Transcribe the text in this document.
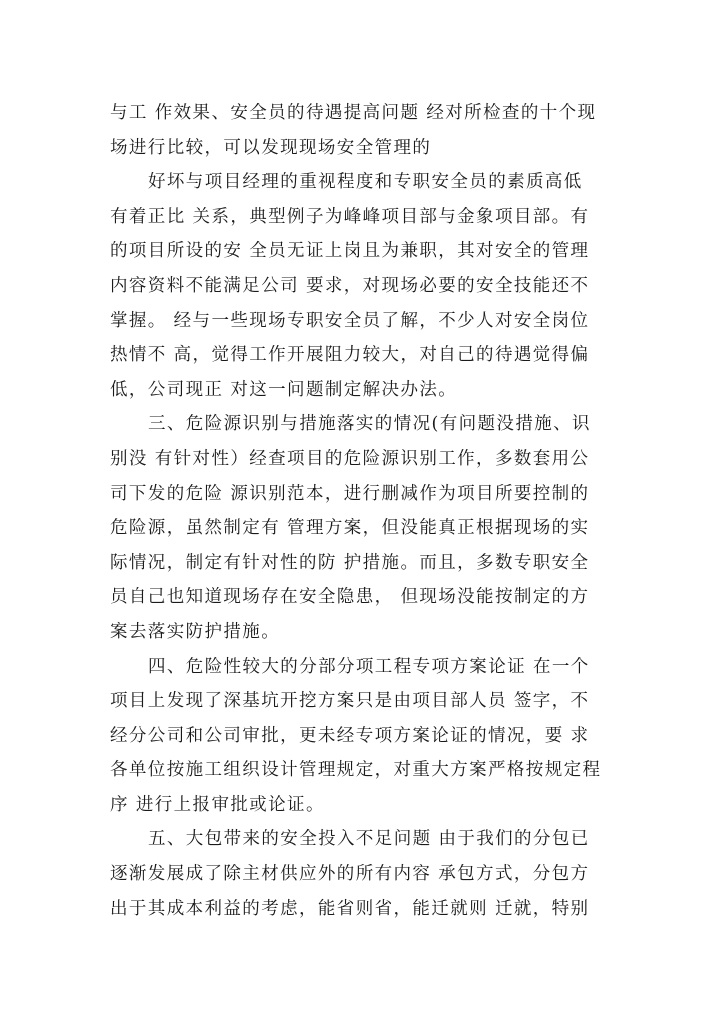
与工 作效果、安全员的待遇提高问题 经对所检查的十个现
场进行比较，可以发现现场安全管理的
好坏与项目经理的重视程度和专职安全员的素质高低
有着正比 关系，典型例子为峰峰项目部与金象项目部。有
的项目所设的安 全员无证上岗且为兼职，其对安全的管理
内容资料不能满足公司 要求，对现场必要的安全技能还不
掌握。 经与一些现场专职安全员了解，不少人对安全岗位
热情不 高，觉得工作开展阻力较大，对自己的待遇觉得偏
低，公司现正 对这一问题制定解决办法。
三、危险源识别与措施落实的情况(有问题没措施、识
别没 有针对性）经查项目的危险源识别工作，多数套用公
司下发的危险 源识别范本，进行删减作为项目所要控制的
危险源，虽然制定有 管理方案，但没能真正根据现场的实
际情况，制定有针对性的防 护措施。而且，多数专职安全
员自己也知道现场存在安全隐患， 但现场没能按制定的方
案去落实防护措施。
四、危险性较大的分部分项工程专项方案论证 在一个
项目上发现了深基坑开挖方案只是由项目部人员 签字，不
经分公司和公司审批，更未经专项方案论证的情况，要 求
各单位按施工组织设计管理规定，对重大方案严格按规定程
序 进行上报审批或论证。
五、大包带来的安全投入不足问题 由于我们的分包已
逐渐发展成了除主材供应外的所有内容 承包方式，分包方
出于其成本利益的考虑，能省则省，能迁就则 迁就，特别
